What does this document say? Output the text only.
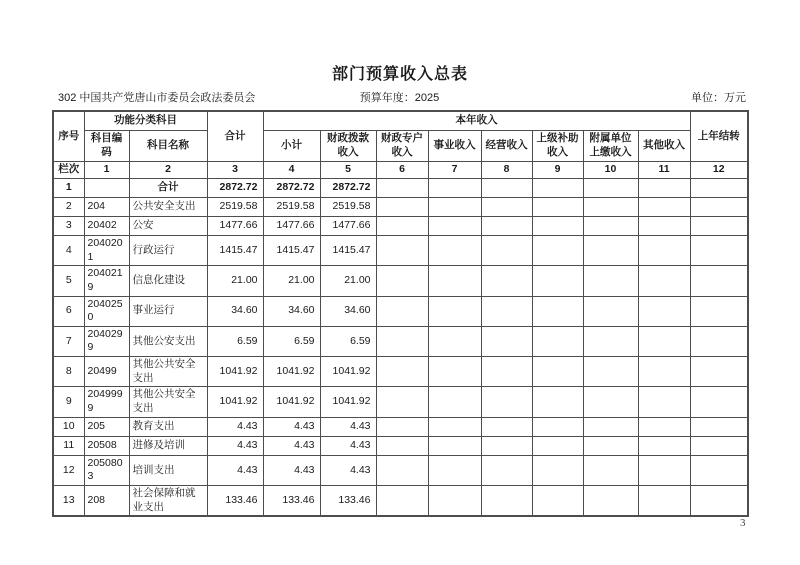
部门预算收入总表
302 中国共产党唐山市委员会政法委员会	预算年度：2025	单位：万元
序号	功能分类科目		合计	本年收入								上年结转
	科目编码	科目名称		小计	财政拨款收入	财政专户收入	事业收入	经营收入	上级补助收入	附属单位上缴收入	其他收入	
栏次	1	2	3	4	5	6	7	8	9	10	11	12
1		合计	2872.72	2872.72	2872.72							
2	204	公共安全支出	2519.58	2519.58	2519.58							
3	20402	公安	1477.66	1477.66	1477.66							
4	2040201	行政运行	1415.47	1415.47	1415.47							
5	2040219	信息化建设	21.00	21.00	21.00							
6	2040250	事业运行	34.60	34.60	34.60							
7	2040299	其他公安支出	6.59	6.59	6.59							
8	20499	其他公共安全支出	1041.92	1041.92	1041.92							
9	2049999	其他公共安全支出	1041.92	1041.92	1041.92							
10	205	教育支出	4.43	4.43	4.43							
11	20508	进修及培训	4.43	4.43	4.43							
12	2050803	培训支出	4.43	4.43	4.43							
13	208	社会保障和就业支出	133.46	133.46	133.46							
3
